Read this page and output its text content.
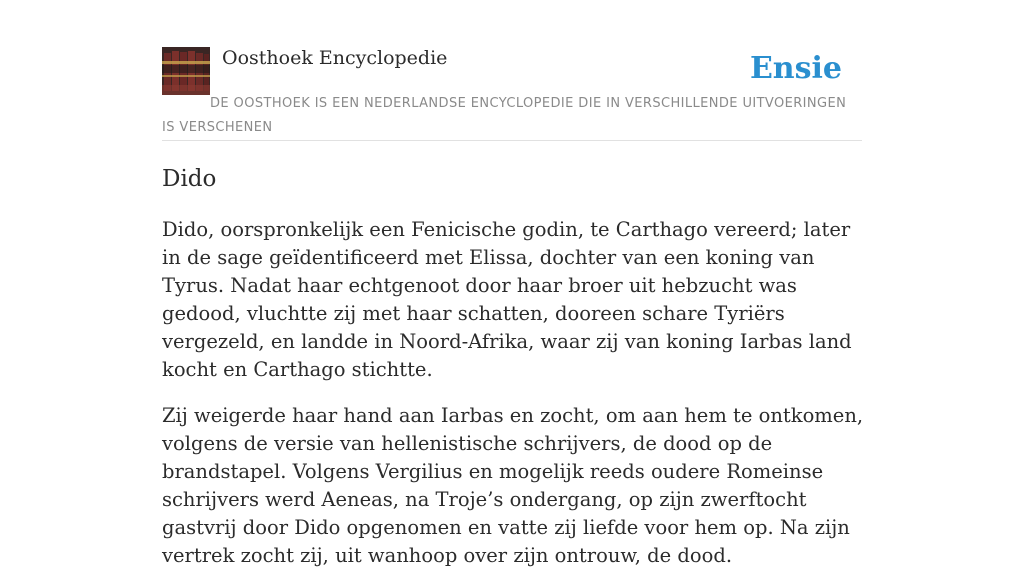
Oosthoek Encyclopedie	Ensie
DE OOSTHOEK IS EEN NEDERLANDSE ENCYCLOPEDIE DIE IN VERSCHILLENDE UITVOERINGEN IS VERSCHENEN
Dido

Dido, oorspronkelijk een Fenicische godin, te Carthago vereerd; later in de sage geïdentificeerd met Elissa, dochter van een koning van Tyrus. Nadat haar echtgenoot door haar broer uit hebzucht was gedood, vluchtte zij met haar schatten, dooreen schare Tyriërs vergezeld, en landde in Noord-Afrika, waar zij van koning Iarbas land kocht en Carthago stichtte.

Zij weigerde haar hand aan Iarbas en zocht, om aan hem te ontkomen, volgens de versie van hellenistische schrijvers, de dood op de brandstapel. Volgens Vergilius en mogelijk reeds oudere Romeinse schrijvers werd Aeneas, na Troje’s ondergang, op zijn zwerftocht gastvrij door Dido opgenomen en vatte zij liefde voor hem op. Na zijn vertrek zocht zij, uit wanhoop over zijn ontrouw, de dood.
